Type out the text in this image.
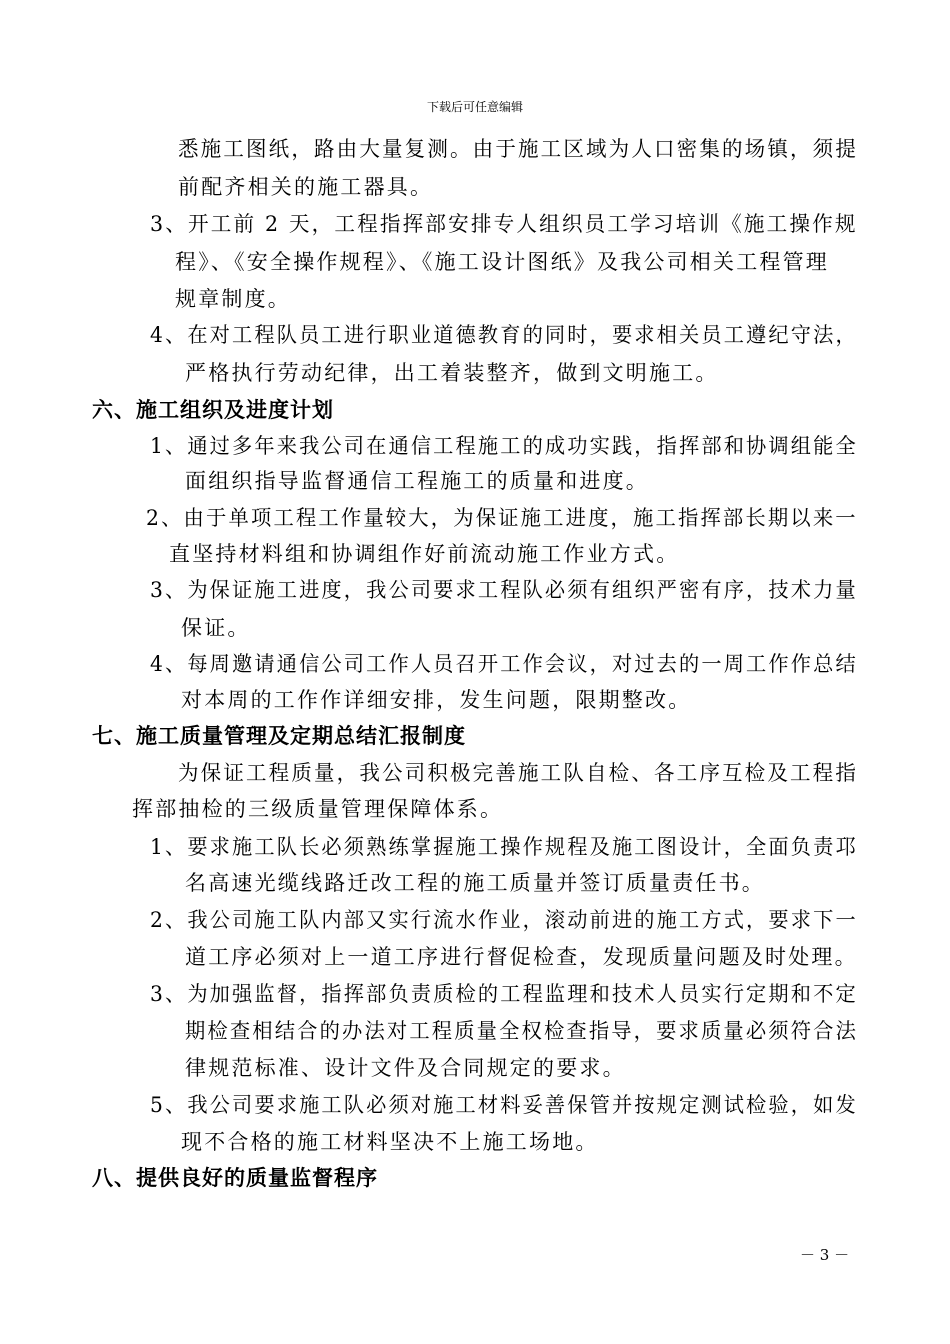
下载后可任意编辑
悉施工图纸，路由大量复测。由于施工区域为人口密集的场镇，须提
前配齐相关的施工器具。
3、开工前 2 天，工程指挥部安排专人组织员工学习培训《施工操作规
程》、《安全操作规程》、《施工设计图纸》及我公司相关工程管理
规章制度。
4、在对工程队员工进行职业道德教育的同时，要求相关员工遵纪守法，
严格执行劳动纪律，出工着装整齐，做到文明施工。
六、施工组织及进度计划
1、通过多年来我公司在通信工程施工的成功实践，指挥部和协调组能全
面组织指导监督通信工程施工的质量和进度。
2、由于单项工程工作量较大，为保证施工进度，施工指挥部长期以来一
直坚持材料组和协调组作好前流动施工作业方式。
3、为保证施工进度，我公司要求工程队必须有组织严密有序，技术力量
保证。
4、每周邀请通信公司工作人员召开工作会议，对过去的一周工作作总结
对本周的工作作详细安排，发生问题，限期整改。
七、施工质量管理及定期总结汇报制度
为保证工程质量，我公司积极完善施工队自检、各工序互检及工程指
挥部抽检的三级质量管理保障体系。
1、要求施工队长必须熟练掌握施工操作规程及施工图设计，全面负责邛
名高速光缆线路迁改工程的施工质量并签订质量责任书。
2、我公司施工队内部又实行流水作业，滚动前进的施工方式，要求下一
道工序必须对上一道工序进行督促检查，发现质量问题及时处理。
3、为加强监督，指挥部负责质检的工程监理和技术人员实行定期和不定
期检查相结合的办法对工程质量全权检查指导，要求质量必须符合法
律规范标准、设计文件及合同规定的要求。
5、我公司要求施工队必须对施工材料妥善保管并按规定测试检验，如发
现不合格的施工材料坚决不上施工场地。
八、提供良好的质量监督程序
－ 3 －
